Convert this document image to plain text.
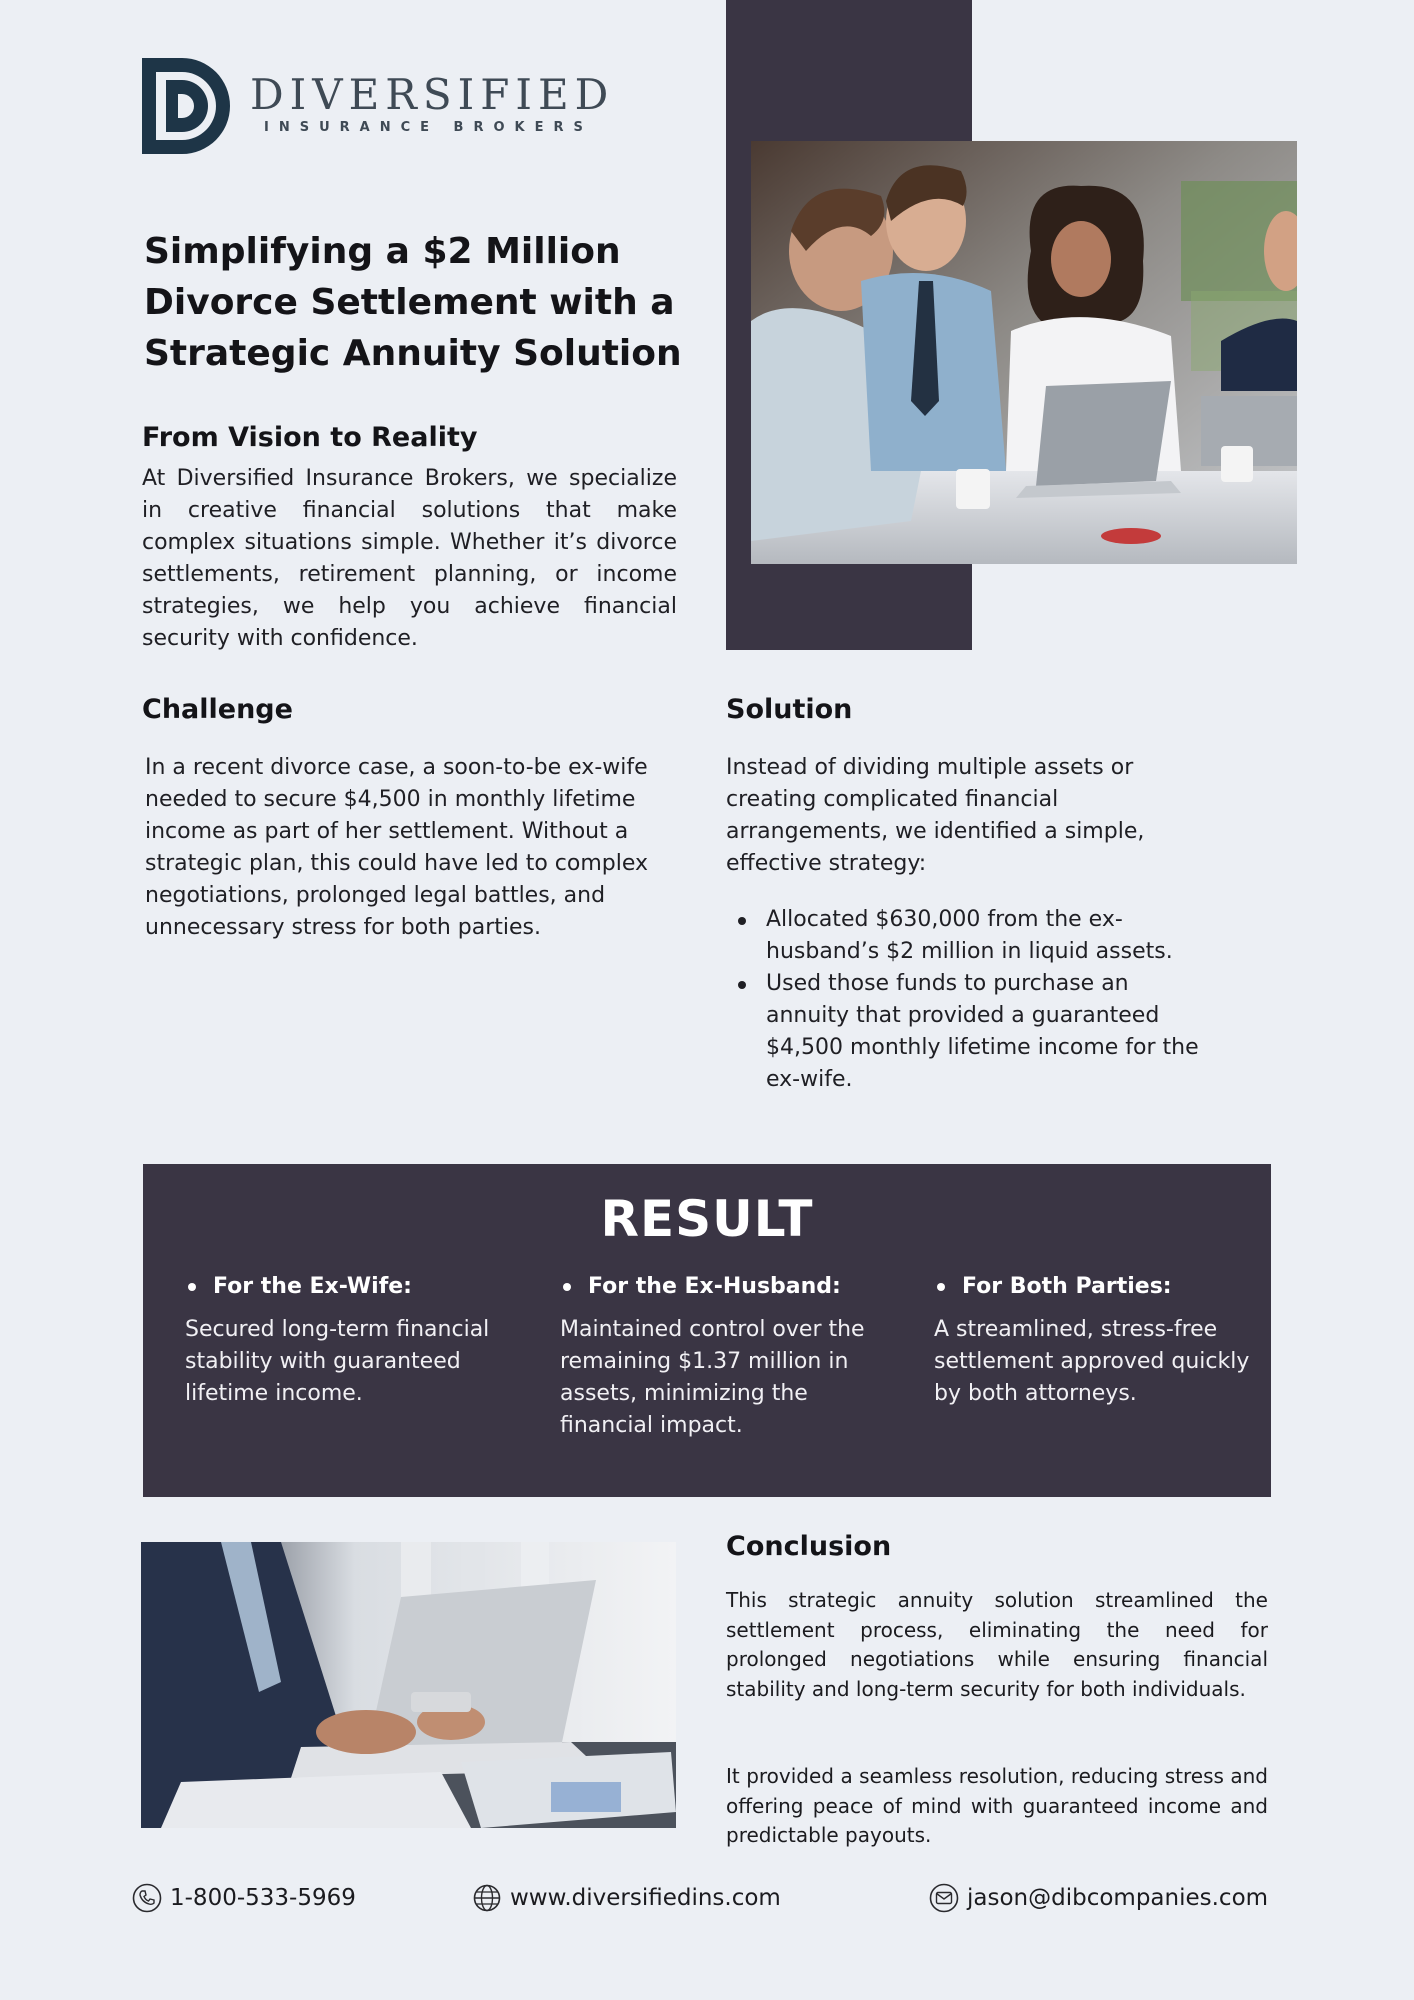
DIVERSIFIED
INSURANCE BROKERS
Simplifying a $2 Million Divorce Settlement with a Strategic Annuity Solution
From Vision to Reality
At Diversified Insurance Brokers, we specialize in creative financial solutions that make complex situations simple. Whether it’s divorce settlements, retirement planning, or income strategies, we help you achieve financial security with confidence.
Challenge
In a recent divorce case, a soon-to-be ex-wife needed to secure $4,500 in monthly lifetime income as part of her settlement. Without a strategic plan, this could have led to complex negotiations, prolonged legal battles, and unnecessary stress for both parties.
Solution
Instead of dividing multiple assets or creating complicated financial arrangements, we identified a simple, effective strategy:
Allocated $630,000 from the ex-husband’s $2 million in liquid assets.
Used those funds to purchase an annuity that provided a guaranteed $4,500 monthly lifetime income for the ex-wife.
RESULT
For the Ex-Wife:
Secured long-term financial stability with guaranteed lifetime income.
For the Ex-Husband:
Maintained control over the remaining $1.37 million in assets, minimizing the financial impact.
For Both Parties:
A streamlined, stress-free settlement approved quickly by both attorneys.
Conclusion
This strategic annuity solution streamlined the settlement process, eliminating the need for prolonged negotiations while ensuring financial stability and long-term security for both individuals.
It provided a seamless resolution, reducing stress and offering peace of mind with guaranteed income and predictable payouts.
1-800-533-5969	www.diversifiedins.com	jason@dibcompanies.com
